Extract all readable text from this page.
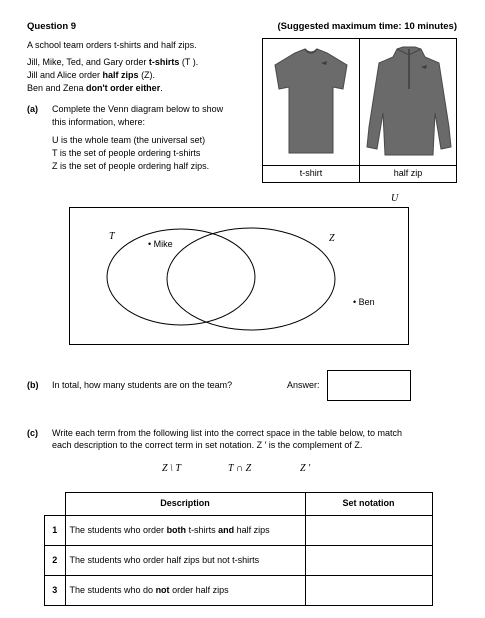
Question 9	(Suggested maximum time: 10 minutes)
A school team orders t-shirts and half zips.
Jill, Mike, Ted, and Gary order t-shirts (T ).
Jill and Alice order half zips (Z).
Ben and Zena don't order either.
(a) Complete the Venn diagram below to show
this information, where:
U is the whole team (the universal set)
T is the set of people ordering t-shirts
Z is the set of people ordering half zips.
t-shirt	half zip
U
T	Z
• Mike
• Ben
(b) In total, how many students are on the team?	Answer:
(c) Write each term from the following list into the correct space in the table below, to match
each description to the correct term in set notation. Z ′ is the complement of Z.
Z \ T	T ∩ Z	Z ′
	Description	Set notation
1	The students who order both t-shirts and half zips	
2	The students who order half zips but not t-shirts	
3	The students who do not order half zips	
